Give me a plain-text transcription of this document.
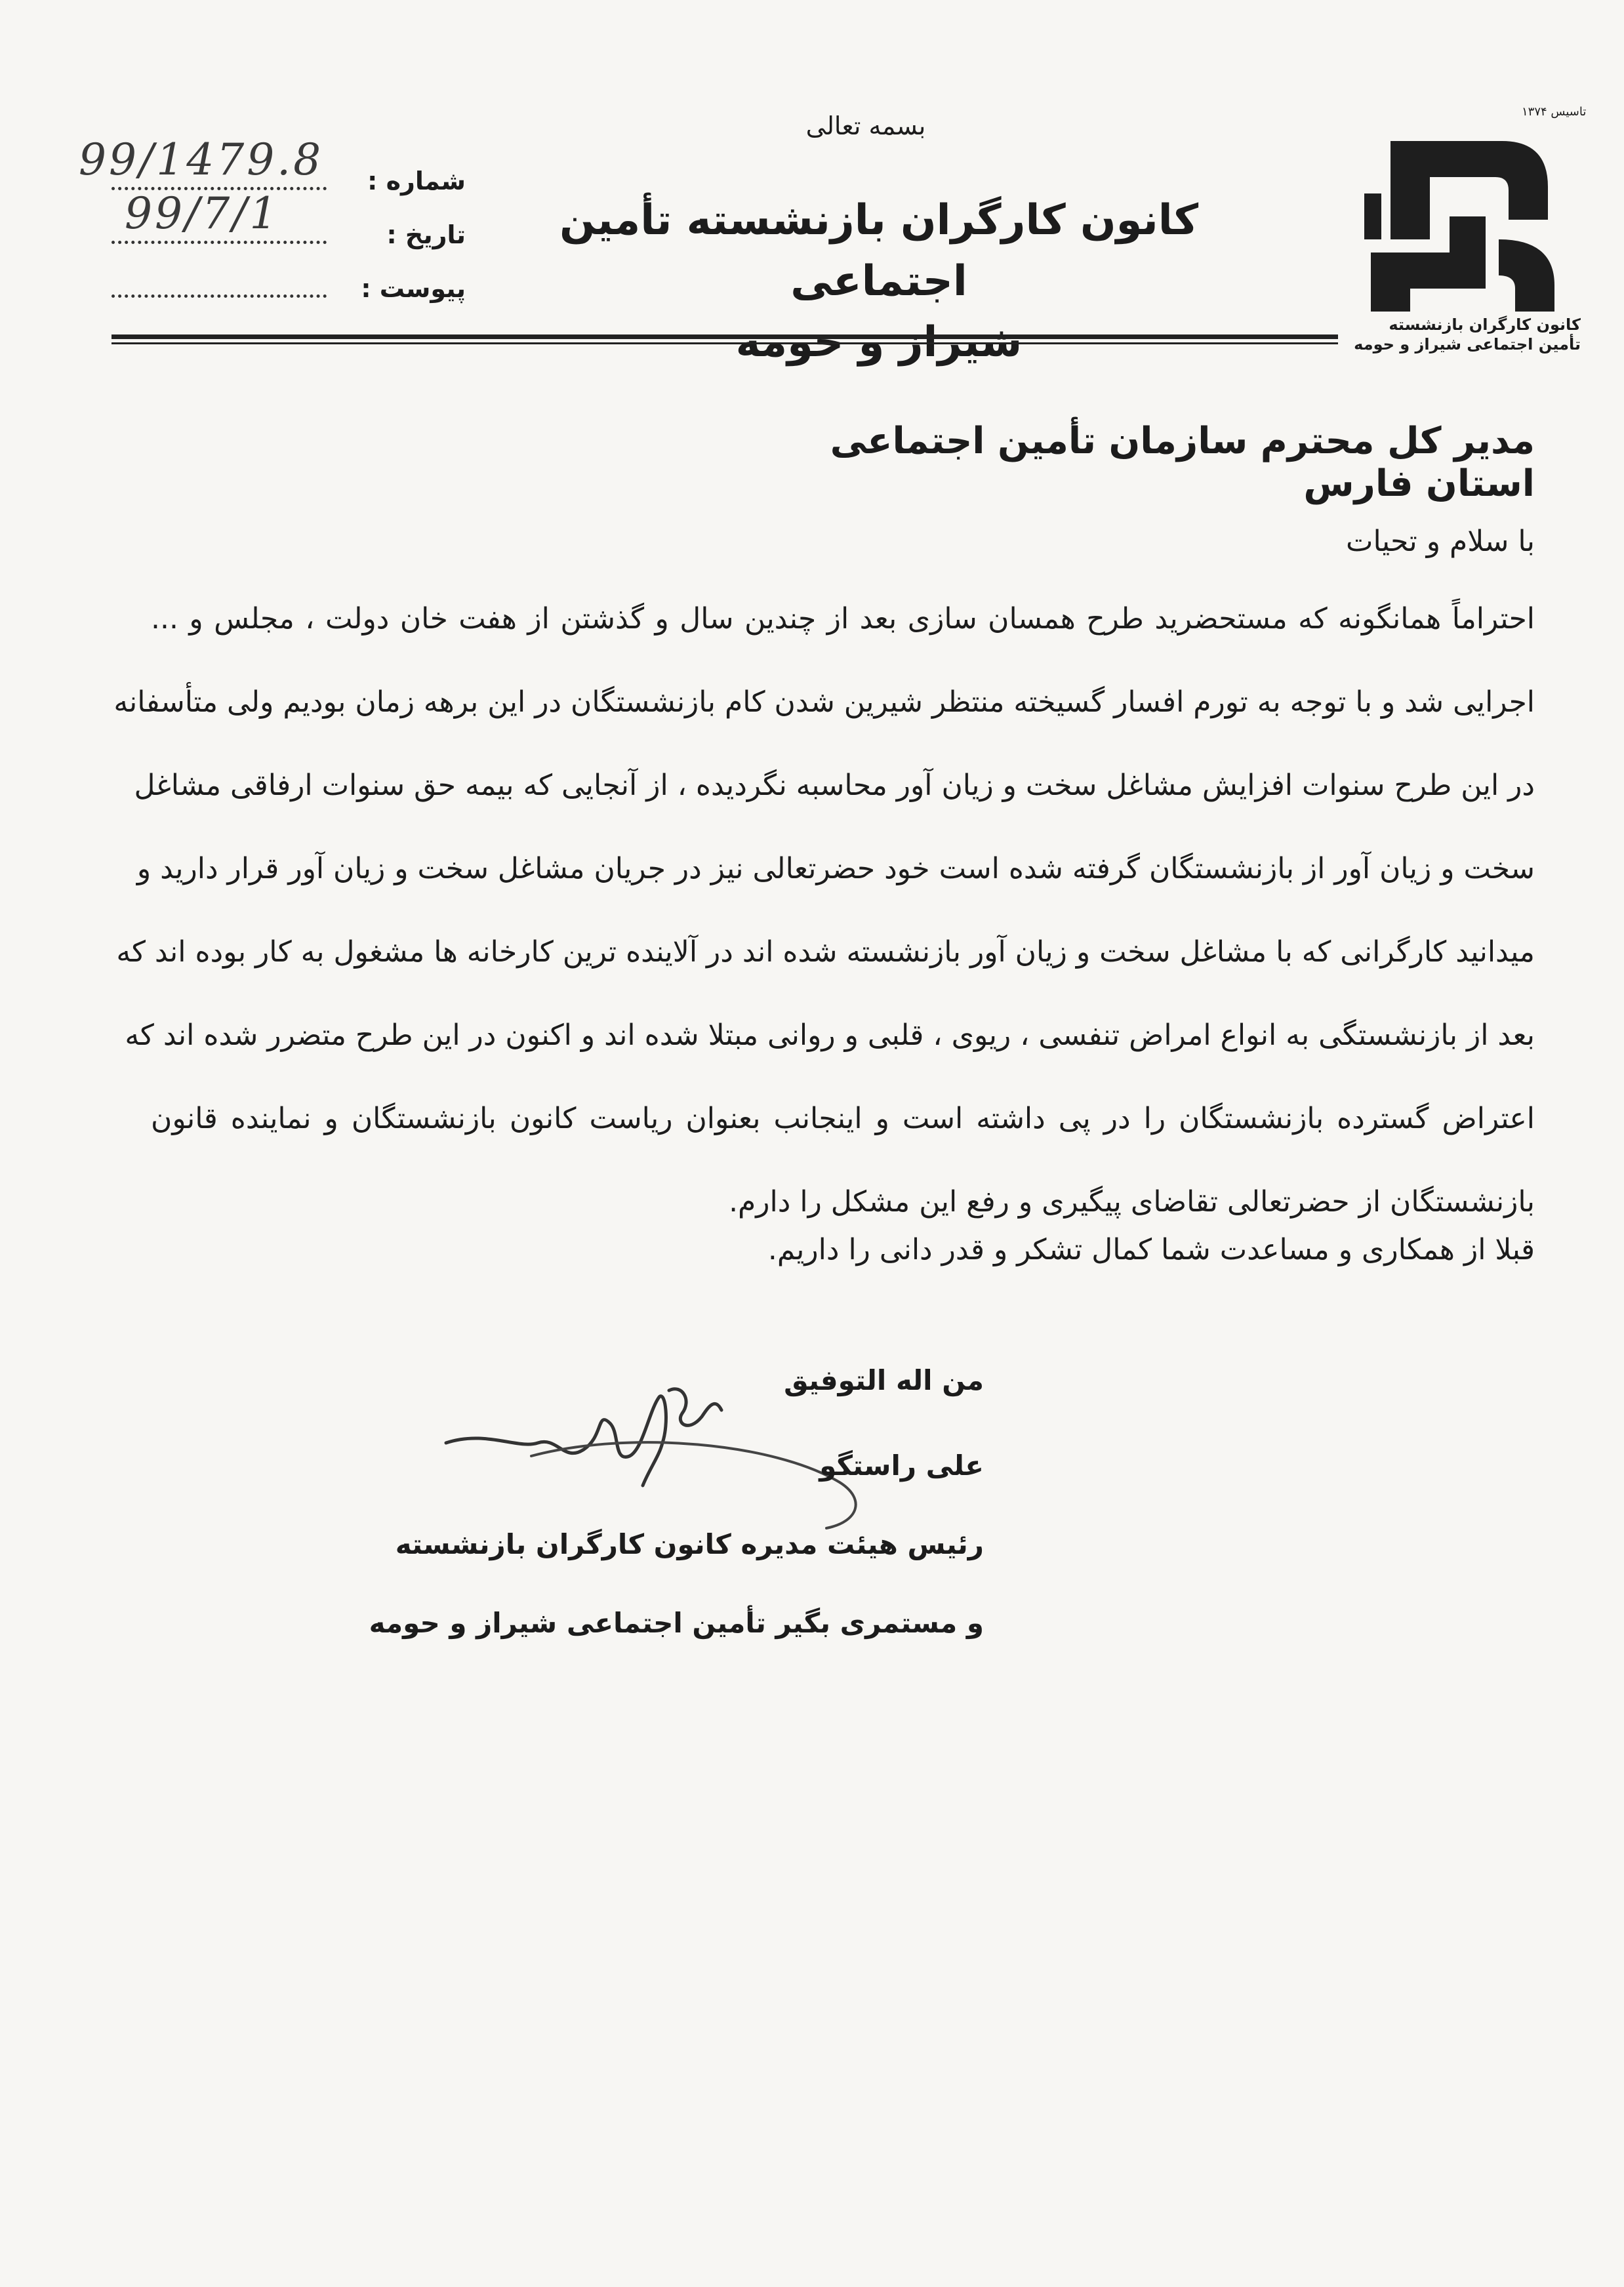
بسمه تعالی
کانون کارگران بازنشسته تأمین اجتماعی
شماره :
99/1479.8
تاریخ :
99/7/1
پیوست :
تاسیس ۱۳۷۴
کانون کارگران بازنشسته
تأمین اجتماعی شیراز و حومه
مدیر کل محترم سازمان تأمین اجتماعی استان فارس
با سلام و تحیات
احتراماً همانگونه که مستحضرید طرح همسان سازی بعد از چندین سال و گذشتن از هفت خان دولت ، مجلس و ...
اجرایی شد و با توجه به تورم افسار گسیخته منتظر شیرین شدن کام بازنشستگان در این برهه زمان بودیم ولی متأسفانه
در این طرح سنوات افزایش مشاغل سخت و زیان آور محاسبه نگردیده ، از آنجایی که بیمه حق سنوات ارفاقی مشاغل
سخت و زیان آور از بازنشستگان گرفته شده است خود حضرتعالی نیز در جریان مشاغل سخت و زیان آور قرار دارید و
میدانید کارگرانی که با مشاغل سخت و زیان آور بازنشسته شده اند در آلاینده ترین کارخانه ها مشغول به کار بوده اند که
بعد از بازنشستگی به انواع امراض تنفسی ، ریوی ، قلبی و روانی مبتلا شده اند و اکنون در این طرح متضرر شده اند که
اعتراض گسترده بازنشستگان را در پی داشته است و اینجانب بعنوان ریاست کانون بازنشستگان و نماینده قانون
بازنشستگان از حضرتعالی تقاضای پیگیری و رفع این مشکل را دارم.
قبلا از همکاری و مساعدت شما کمال تشکر و قدر دانی را داریم.
من اله التوفیق
علی راستگو
رئیس هیئت مدیره کانون کارگران بازنشسته
و مستمری بگیر تأمین اجتماعی شیراز و حومه
